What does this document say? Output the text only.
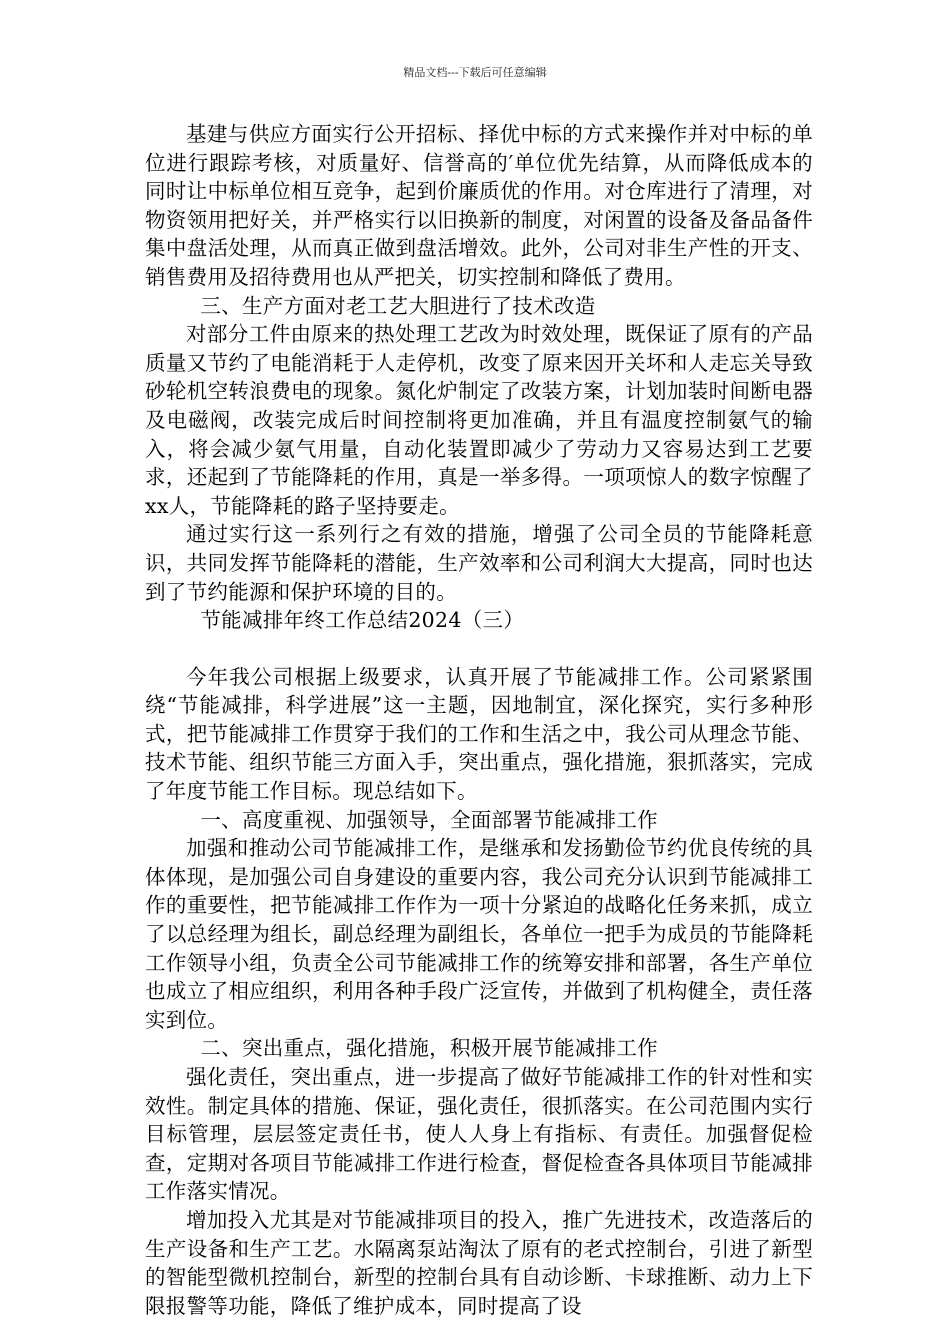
精品文档---下载后可任意编辑

基建与供应方面实行公开招标、择优中标的方式来操作并对中标的单位进行跟踪考核，对质量好、信誉高的′单位优先结算，从而降低成本的同时让中标单位相互竞争，起到价廉质优的作用。对仓库进行了清理，对物资领用把好关，并严格实行以旧换新的制度，对闲置的设备及备品备件集中盘活处理，从而真正做到盘活增效。此外，公司对非生产性的开支、销售费用及招待费用也从严把关，切实控制和降低了费用。

三、生产方面对老工艺大胆进行了技术改造

对部分工件由原来的热处理工艺改为时效处理，既保证了原有的产品质量又节约了电能消耗于人走停机，改变了原来因开关坏和人走忘关导致砂轮机空转浪费电的现象。氮化炉制定了改装方案，计划加装时间断电器及电磁阀，改装完成后时间控制将更加准确，并且有温度控制氨气的输入，将会减少氨气用量，自动化装置即减少了劳动力又容易达到工艺要求，还起到了节能降耗的作用，真是一举多得。一项项惊人的数字惊醒了xx人，节能降耗的路子坚持要走。

通过实行这一系列行之有效的措施，增强了公司全员的节能降耗意识，共同发挥节能降耗的潜能，生产效率和公司利润大大提高，同时也达到了节约能源和保护环境的目的。

节能减排年终工作总结2024（三）

今年我公司根据上级要求，认真开展了节能减排工作。公司紧紧围绕“节能减排，科学进展”这一主题，因地制宜，深化探究，实行多种形式，把节能减排工作贯穿于我们的工作和生活之中，我公司从理念节能、技术节能、组织节能三方面入手，突出重点，强化措施，狠抓落实，完成了年度节能工作目标。现总结如下。

一、高度重视、加强领导，全面部署节能减排工作

加强和推动公司节能减排工作，是继承和发扬勤俭节约优良传统的具体体现，是加强公司自身建设的重要内容，我公司充分认识到节能减排工作的重要性，把节能减排工作作为一项十分紧迫的战略化任务来抓，成立了以总经理为组长，副总经理为副组长，各单位一把手为成员的节能降耗工作领导小组，负责全公司节能减排工作的统筹安排和部署，各生产单位也成立了相应组织，利用各种手段广泛宣传，并做到了机构健全，责任落实到位。

二、突出重点，强化措施，积极开展节能减排工作

强化责任，突出重点，进一步提高了做好节能减排工作的针对性和实效性。制定具体的措施、保证，强化责任，很抓落实。在公司范围内实行目标管理，层层签定责任书，使人人身上有指标、有责任。加强督促检查，定期对各项目节能减排工作进行检查，督促检查各具体项目节能减排工作落实情况。

增加投入尤其是对节能减排项目的投入，推广先进技术，改造落后的生产设备和生产工艺。水隔离泵站淘汰了原有的老式控制台，引进了新型的智能型微机控制台，新型的控制台具有自动诊断、卡球推断、动力上下限报警等功能，降低了维护成本，同时提高了设
